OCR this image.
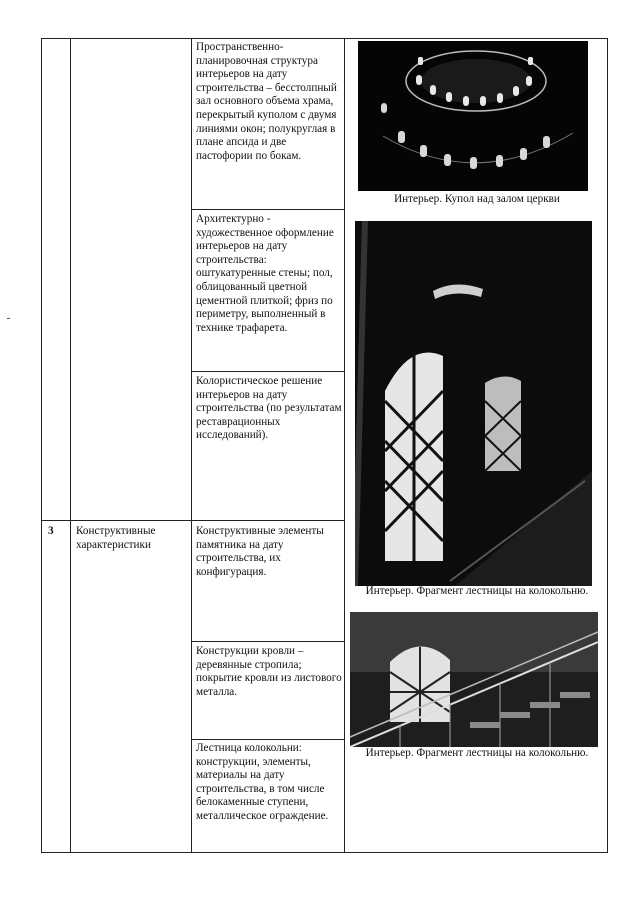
3	Конструктивные характеристики
Пространственно-планировочная структура интерьеров на дату строительства – бесстолпный зал основного объема храма, перекрытый куполом с двумя линиями окон; полукруглая в плане апсида и две пастофории по бокам.
Архитектурно - художественное оформление интерьеров на дату строительства: оштукатуренные стены; пол, облицованный цветной цементной плиткой; фриз по периметру, выполненный в технике трафарета.
Колористическое решение интерьеров на дату строительства (по результатам реставрационных исследований).
Конструктивные элементы памятника на дату строительства, их конфигурация.
Конструкции кровли – деревянные стропила; покрытие кровли из листового металла.
Лестница колокольни: конструкции, элементы, материалы на дату строительства, в том числе белокаменные ступени, металлическое ограждение.
Интерьер. Купол над залом церкви
Интерьер. Фрагмент лестницы на колокольню.
Интерьер. Фрагмент лестницы на колокольню.
